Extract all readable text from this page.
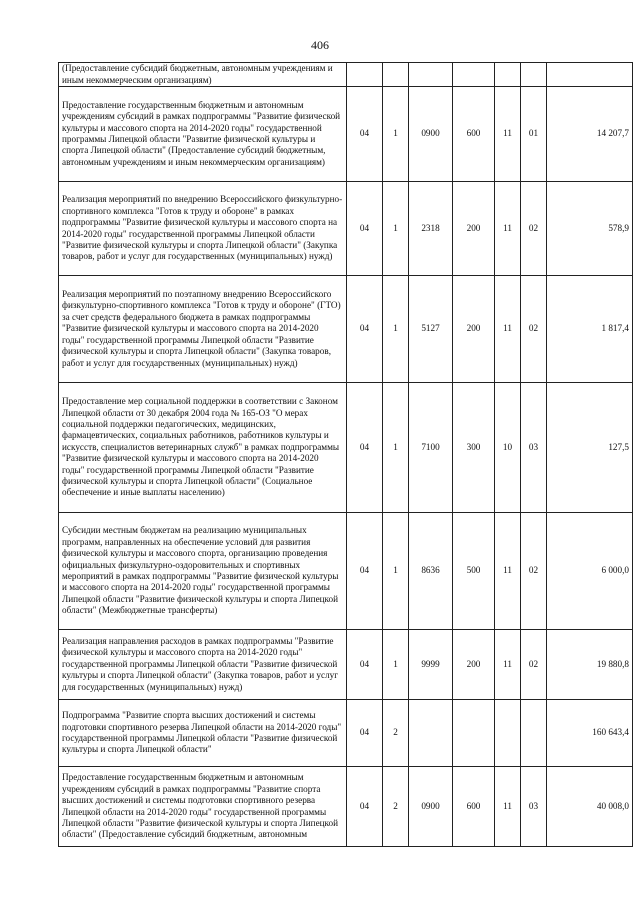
406
(Предоставление субсидий бюджетным, автономным учреждениям и иным некоммерческим организациям)							
Предоставление государственным бюджетным и автономным учреждениям субсидий в рамках подпрограммы "Развитие физической культуры и массового спорта на 2014-2020 годы" государственной программы Липецкой области "Развитие физической культуры и спорта Липецкой области" (Предоставление субсидий бюджетным, автономным учреждениям и иным некоммерческим организациям)	04	1	0900	600	11	01	14 207,7
Реализация мероприятий по внедрению Всероссийского физкультурно-спортивного комплекса "Готов к труду и обороне" в рамках подпрограммы "Развитие физической культуры и массового спорта на 2014-2020 годы" государственной программы Липецкой области "Развитие физической культуры и спорта Липецкой области" (Закупка товаров, работ и услуг для государственных (муниципальных) нужд)	04	1	2318	200	11	02	578,9
Реализация мероприятий по поэтапному внедрению Всероссийского физкультурно-спортивного комплекса "Готов к труду и обороне" (ГТО) за счет средств федерального бюджета в рамках подпрограммы "Развитие физической культуры и массового спорта на 2014-2020 годы" государственной программы Липецкой области "Развитие физической культуры и спорта Липецкой области" (Закупка товаров, работ и услуг для государственных (муниципальных) нужд)	04	1	5127	200	11	02	1 817,4
Предоставление мер социальной поддержки в соответствии с Законом Липецкой области от 30 декабря 2004 года № 165-ОЗ "О мерах социальной поддержки педагогических, медицинских, фармацевтических, социальных работников, работников культуры и искусств, специалистов ветеринарных служб" в рамках подпрограммы "Развитие физической культуры и массового спорта на 2014-2020 годы" государственной программы Липецкой области "Развитие физической культуры и спорта Липецкой области" (Социальное обеспечение и иные выплаты населению)	04	1	7100	300	10	03	127,5
Субсидии местным бюджетам на реализацию муниципальных программ, направленных на обеспечение условий для развития физической культуры и массового спорта, организацию проведения официальных физкультурно-оздоровительных и спортивных мероприятий в рамках подпрограммы "Развитие физической культуры и массового спорта на 2014-2020 годы" государственной программы Липецкой области "Развитие физической культуры и спорта Липецкой области" (Межбюджетные трансферты)	04	1	8636	500	11	02	6 000,0
Реализация направления расходов в рамках подпрограммы "Развитие физической культуры и массового спорта на 2014-2020 годы" государственной программы Липецкой области "Развитие физической культуры и спорта Липецкой области" (Закупка товаров, работ и услуг для государственных (муниципальных) нужд)	04	1	9999	200	11	02	19 880,8
Подпрограмма "Развитие спорта высших достижений и системы подготовки спортивного резерва Липецкой области на 2014-2020 годы" государственной программы Липецкой области "Развитие физической культуры и спорта Липецкой области"	04	2					160 643,4
Предоставление государственным бюджетным и автономным учреждениям субсидий в рамках подпрограммы "Развитие спорта высших достижений и системы подготовки спортивного резерва Липецкой области на 2014-2020 годы" государственной программы Липецкой области "Развитие физической культуры и спорта Липецкой области" (Предоставление субсидий бюджетным, автономным	04	2	0900	600	11	03	40 008,0
